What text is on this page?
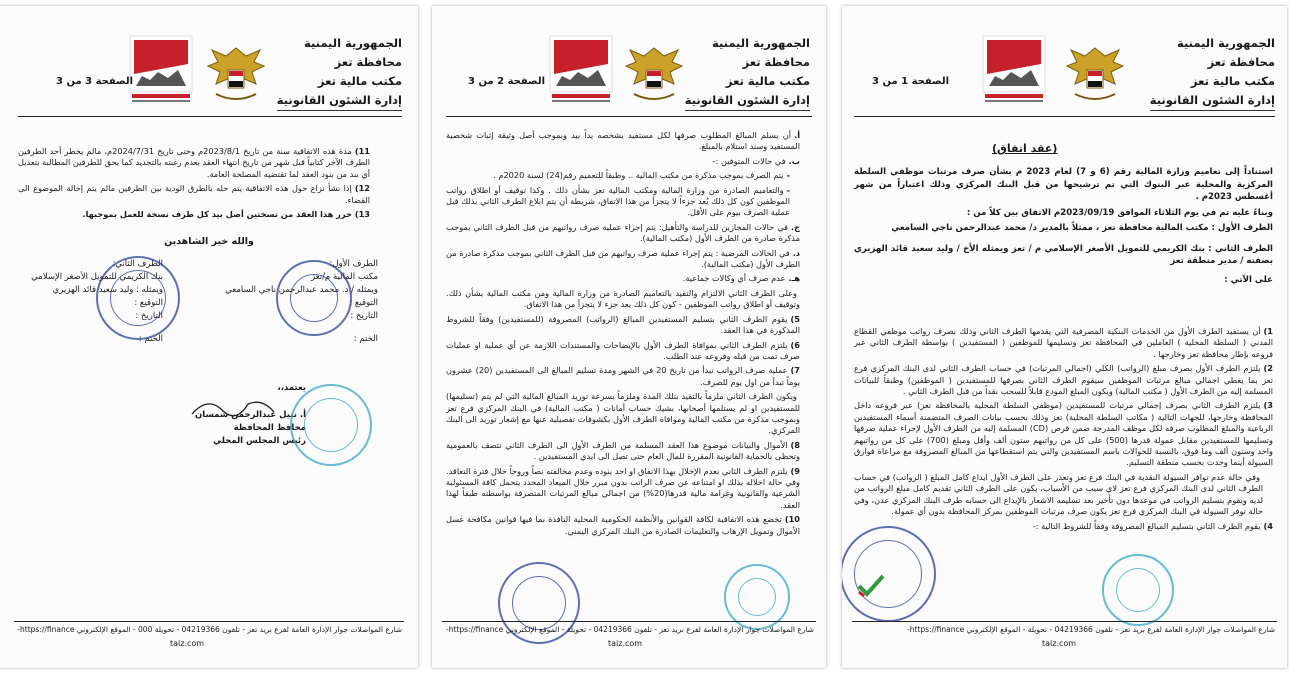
الجمهورية اليمنية
محافظة تعز
مكتب مالية تعز
إدارة الشئون القانونية
الصفحة 3 من 3

11)مدة هذه الاتفاقية سنة من تاريخ 2023/8/1م وحتى تاريخ 2024/7/31م، مالم يخطر أحد الطرفين الطرف الآخر كتابياً قبل شهر من تاريخ انتهاء العقد بعدم رغبته بالتجديد كما يحق للطرفين المطالبة بتعديل أي بند من بنود العقد لما تقتضيه المصلحة العامة.

12)إذا نشأ نزاع حول هذه الاتفاقية يتم حله بالطرق الودية بين الطرفين مالم يتم إحالة الموضوع الى القضاء.

13)حرر هذا العقد من نسختين أصل بيد كل طرف نسخة للعمل بموجبها.

والله خير الشاهدين
الطرف الأول:
مكتب المالية م/تعز
ويمثله / د. محمد عبدالرحمن ناجي السامعي
التوقيع :
التاريخ :
الختم :
الطرف الثاني:
بنك الكريمي للتمويل الأصغر الإسلامي
ويمثله : وليد سعيد قائد الهزيري
التوقيع :
التاريخ :
الختم :
يعتمد،،
أ. نبيل عبدالرحمن شمسان
محافظ المحافظة
رئيس المجلس المحلي
شارع المواصلات جوار الإدارة العامة لفرع بريد تعز - تلفون 04219366 - تحويلة 000 - الموقع الإلكتروني https://finance-
taiz.com
الجمهورية اليمنية
محافظة تعز
مكتب مالية تعز
إدارة الشئون القانونية
الصفحة 2 من 3

أ.أن يسلم المبالغ المطلوب صرفها لكل مستفيد بشخصه يداً بيد وبموجب أصل وثيقة إثبات شخصية المستفيد وسند استلام بالمبلغ.

ب.في حالات المتوفين :-

-يتم الصرف بموجب مذكرة من مكتب المالية .. وطبقاً للتعميم رقم(24) لسنة 2020م .

-والتعاميم الصادرة من وزارة المالية ومكتب المالية تعز بشأن ذلك . وكذا توقيف أو اطلاق رواتب الموظفين كون كل ذلك يُعد جزءاً لا يتجزأ من هذا الاتفاق، شريطة أن يتم ابلاغ الطرف الثاني بذلك قبل عملية الصرف بيوم على الأقل.

ج.في حالات المجازين للدراسة والتأهيل: يتم إجراء عملية صرف رواتبهم من قبل الطرف الثاني بموجب مذكرة صادرة من الطرف الأول (مكتب المالية).

د.في الحالات المرضية : يتم إجراء عملية صرف رواتبهم من قبل الطرف الثاني بموجب مذكرة صادرة من الطرف الأول (مكتب المالية).

هـ.عدم صرف أي وكالات جماعية.

وعلى الطرف الثاني الالتزام والتقيد بالتعاميم الصادرة من وزارة المالية ومن مكتب المالية بشأن ذلك. وتوقيف أو اطلاق رواتب الموظفين - كون كل ذلك يعد جزء لا يتجزأ من هذا الاتفاق.

5)يقوم الطرف الثاني بتسليم المستفيدين المبالغ (الرواتب) المصروفة (للمستفيدين) وفقاً للشروط المذكورة في هذا العقد.

6)يلتزم الطرف الثاني بموافاة الطرف الأول بالإيضاحات والمستندات اللازمة عن أي عملية او عمليات صرف تمت من قبله وفروعه عند الطلب.

7)عملية صرف الرواتب تبدأ من تاريخ 20 في الشهر ومدة تسليم المبالغ الى المستفيدين (20) عشرون يوماً تبدأ من اول يوم للصرف.

ويكون الطرف الثاني ملزماً بالتقيد بتلك المدة وملزماً بسرعة توريد المبالغ المالية التي لم يتم (تسليمها) للمستفيدين او لم يستلمها أصحابها، بشيك حساب أمانات ( مكتب المالية) في البنك المركزي فرع تعز وبموجب مذكرة من مكتب المالية وموافاة الطرف الأول بكشوفات تفصيلية عنها مع إشعار توريد الى البنك المركزي.

8)الأموال والبيانات موضوع هذا العقد المسلمة من الطرف الأول الى الطرف الثاني تتصف بالعمومية وتحظى بالحماية القانونية المقررة للمال العام حتى تصل الى ايدي المستفيدين .

9)يلتزم الطرف الثاني بعدم الإخلال بهذا الاتفاق او احد بنوده وعدم مخالفته نصاً وروحاً خلال فترة التعاقد. وفي حالة اخلاله بذلك او امتناعه عن صرف الراتب بدون مبرر خلال الميعاد المحدد يتحمل كافة المسئولية الشرعية والقانونية وغرامة مالية قدرها(20%) من اجمالي مبالغ المرتبات المتصرفة بواسطته طبقاً لهذا العقد.

10)تخضع هذه الاتفاقية لكافة القوانين والأنظمة الحكومية المحلية النافذة بما فيها قوانين مكافحة غسل الأموال وتمويل الإرهاب والتعليمات الصادرة من البنك المركزي اليمني.

شارع المواصلات جوار الإدارة العامة لفرع بريد تعز - تلفون 04219366 - تحويلة - الموقع الإلكتروني https://finance-
taiz.com
الجمهورية اليمنية
محافظة تعز
مكتب مالية تعز
إدارة الشئون القانونية
الصفحة 1 من 3
(عقد اتفاق)

استناداً إلى تعاميم وزارة المالية رقم (6 و 7) لعام 2023 م بشأن صرف مرتبات موظفي السلطة المركزية والمحلية عبر البنوك التي تم ترشيحها من قبل البنك المركزي وذلك اعتباراً من شهر أغسطس 2023م .

وبناءً عليه تم في يوم الثلاثاء الموافق 2023/09/19م الاتفاق بين كلاً من :

الطرف الأول : مكتب المالية محافظة تعز ، ممثلاً بالمدير د/ محمد عبدالرحمن ناجي السامعي

الطرف الثاني : بنك الكريمي للتمويل الأصغر الإسلامي م / تعز ويمثله الأخ / وليد سعيد قائد الهزيري بصفته / مدير منطقة تعز

على الآتي :

1)أن يستفيد الطرف الأول من الخدمات البنكية المصرفية التي يقدمها الطرف الثاني وذلك بصرف رواتب موظفي القطاع المدني ( السلطة المحلية ) العاملين في المحافظة تعز وتسليمها للموظفين ( المستفيدين ) بواسطة الطرف الثاني عبر فروعه بإطار محافظة تعز وخارجها .

2)يلتزم الطرف الأول بصرف مبلغ (الرواتب) الكلي (اجمالي المرتبات) في حساب الطرف الثاني لدى البنك المركزي فرع تعز بما يغطي اجمالي مبالغ مرتبات الموظفين سيقوم الطرف الثاني بصرفها للمستفيدين ( الموظفين) وطبقاً للبيانات المسلمة إليه من الطرف الأول ( مكتب المالية) ويكون المبلغ المودع قابلاً للسحب نقداً من قبل الطرف الثاني .

3)يلتزم الطرف الثاني بصرف إجمالي مرتبات للمستفيدين (موظفي السلطة المحلية بالمحافظة تعز) عبر فروعه داخل المحافظة وخارجها، للجهات التالية ( مكاتب السلطة المحلية) تعز وذلك بحسب بيانات الصرف المتضمنة أسماء المستفيدين الرباعية والمبلغ المطلوب صرفه لكل موظف المدرجة ضمن قرص (CD) المسلمة إليه من الطرف الأول لإجراء عملية صرفها وتسليمها للمستفيدين مقابل عمولة قدرها (500) على كل من رواتبهم ستون ألف وأقل ومبلغ (700) على كل من رواتبهم واحد وستون ألف وما فوق، بالنسبة للحوالات باسم المستفيدين والتي يتم استقطاعها من المبالغ المصروفة مع مراعاة فوارق السيولة أينما وجدت بحسب منطقة التسليم.

وفي حالة عدم توافر السيولة النقدية في البنك فرع تعز وتعذر على الطرف الأول ايداع كامل المبلغ ( الرواتب) في حساب الطرف الثاني لدى البنك المركزي فرع تعز لاي سبب من الأسباب، يكون على الطرف الثاني تقديم كامل مبلغ الرواتب من لديه ويقوم بتسليم الرواتب في موعدها دون تأخير بعد تسليمه الاشعار بالإيداع الى حسابه طرف البنك المركزي عدن، وفي حالة توفر السيولة في البنك المركزي فرع تعز يكون صرف مرتبات الموظفين بمركز المحافظة بدون أي عمولة.

4)يقوم الطرف الثاني بتسليم المبالغ المصروفة وفقاً للشروط التالية :-

شارع المواصلات جوار الإدارة العامة لفرع بريد تعز - تلفون 04219366 - تحويلة - الموقع الإلكتروني https://finance-
taiz.com
